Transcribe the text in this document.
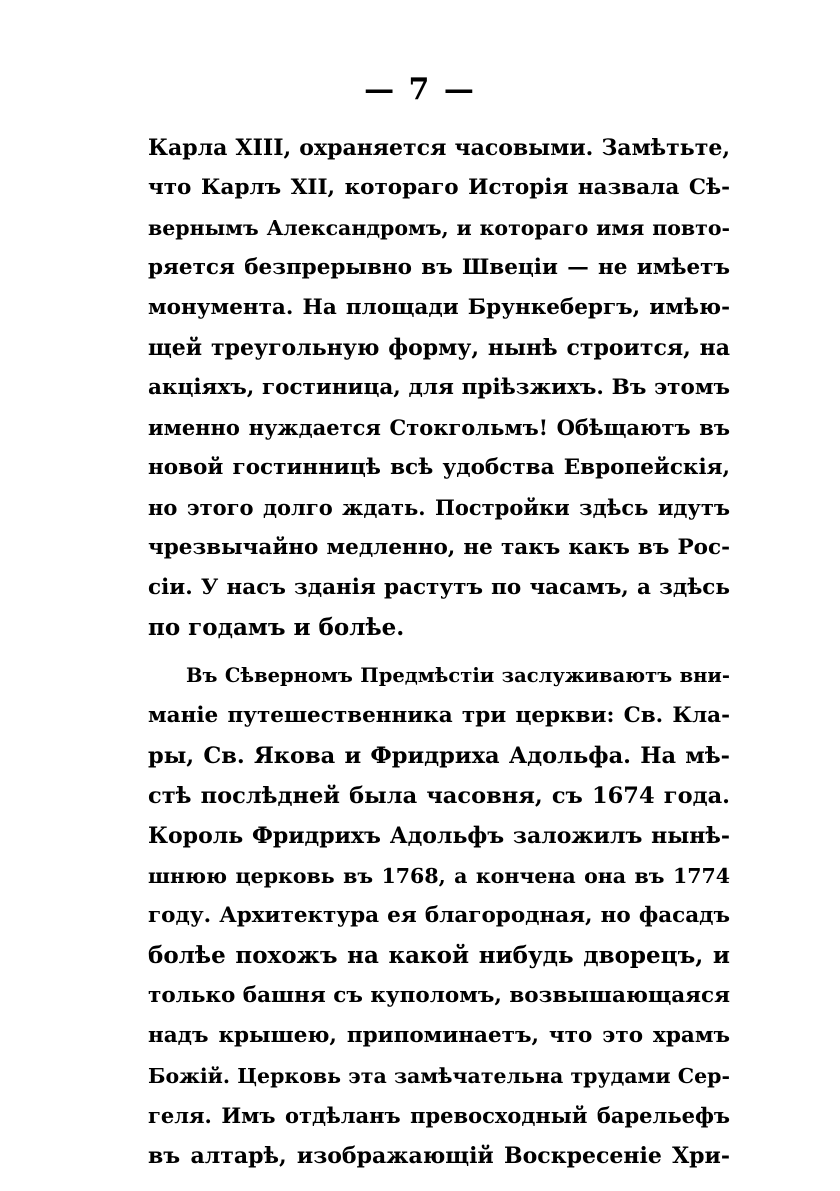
— 7 —
Карла XIII, охраняется часовыми. Замѣтьте,
что Карлъ XII, котораго Исторія назвала Сѣ-
вернымъ Александромъ, и котораго имя повто-
ряется безпрерывно въ Швеціи — не имѣетъ
монумента. На площади Брункебергъ, имѣю-
щей треугольную форму, нынѣ строится, на
акціяхъ, гостиница, для пріѣзжихъ. Въ этомъ
именно нуждается Стокгольмъ! Обѣщаютъ въ
новой гостинницѣ всѣ удобства Европейскія,
но этого долго ждать. Постройки здѣсь идутъ
чрезвычайно медленно, не такъ какъ въ Рос-
сіи. У насъ зданія растутъ по часамъ, а здѣсь
по годамъ и болѣе.
Въ Сѣверномъ Предмѣстіи заслуживаютъ вни-
маніе путешественника три церкви: Св. Кла-
ры, Св. Якова и Фридриха Адольфа. На мѣ-
стѣ послѣдней была часовня, съ 1674 года.
Король Фридрихъ Адольфъ заложилъ нынѣ-
шнюю церковь въ 1768, а кончена она въ 1774
году. Архитектура ея благородная, но фасадъ
болѣе похожъ на какой нибудь дворецъ, и
только башня съ куполомъ, возвышающаяся
надъ крышею, припоминаетъ, что это храмъ
Божій. Церковь эта замѣчательна трудами Сер-
геля. Имъ отдѣланъ превосходный барельефъ
въ алтарѣ, изображающій Воскресеніе Хри-
